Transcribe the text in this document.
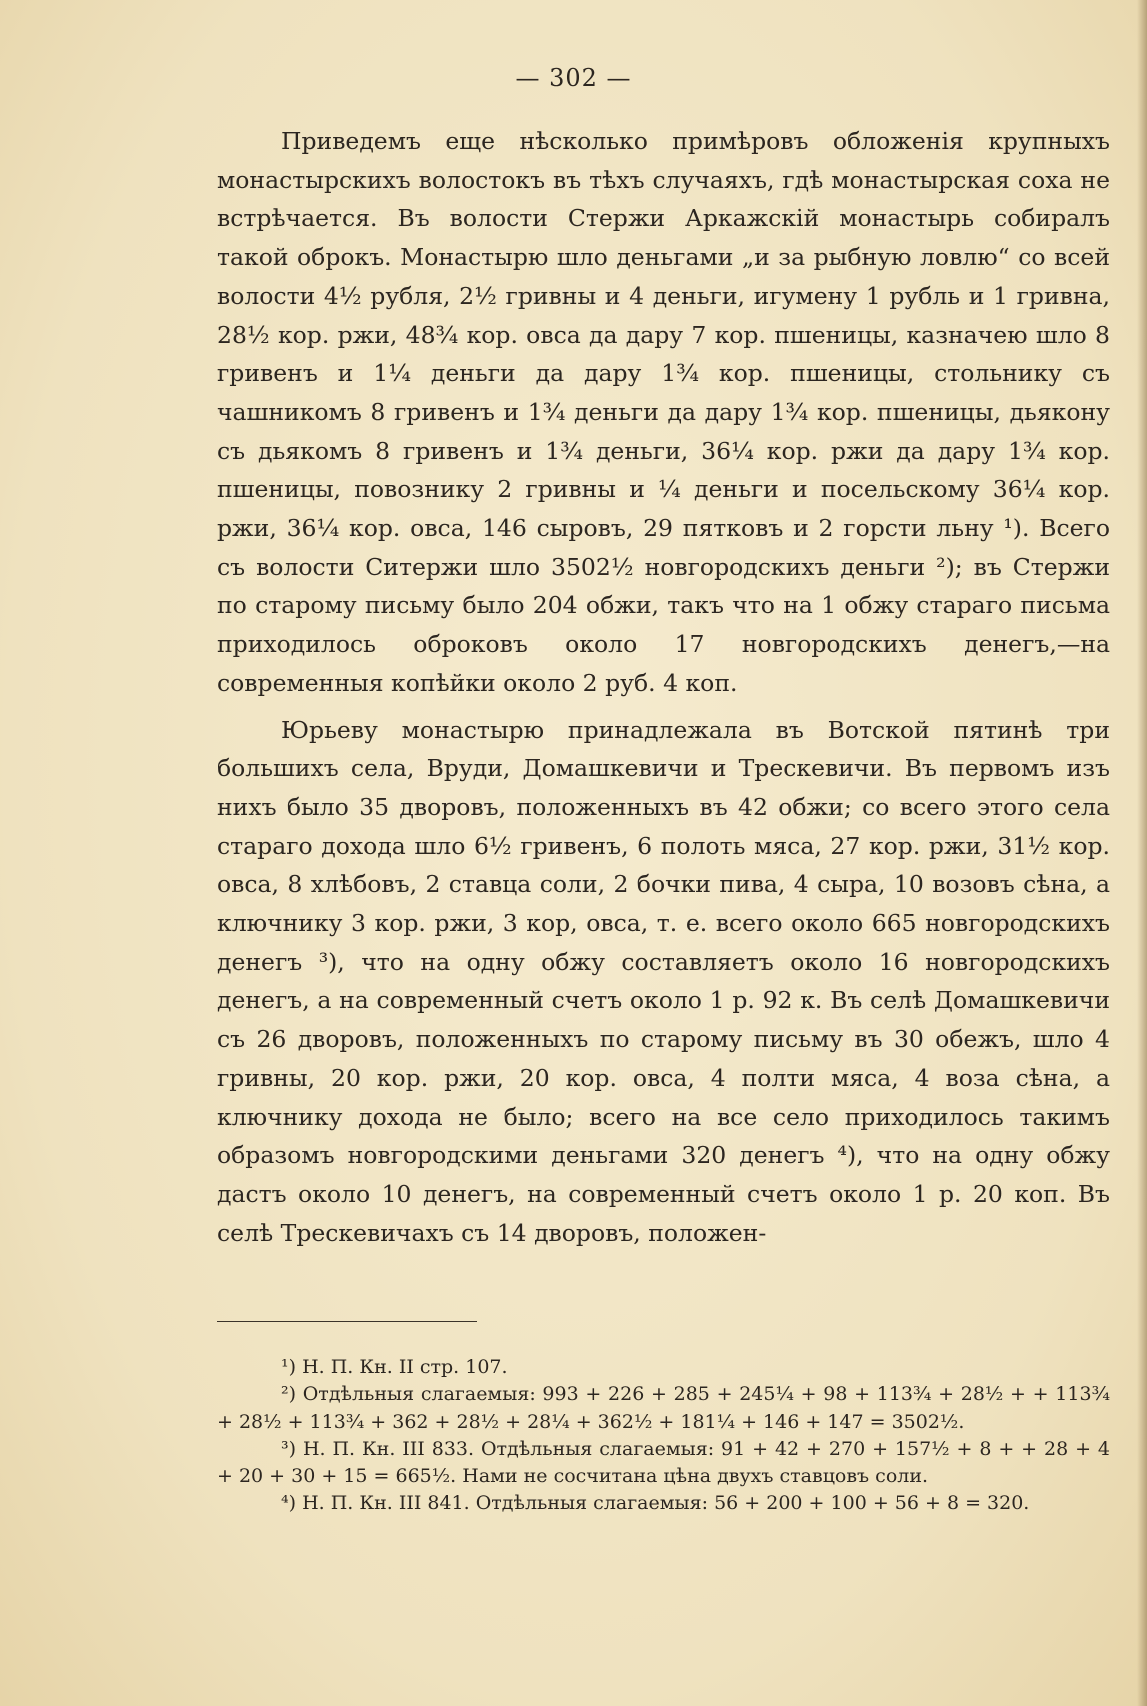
— 302 —

Приведемъ еще нѣсколько примѣровъ обложенія крупныхъ монастырскихъ волостокъ въ тѣхъ случаяхъ, гдѣ монастырская соха не встрѣчается. Въ волости Стержи Аркажскій монастырь собиралъ такой оброкъ. Монастырю шло деньгами „и за рыбную ловлю“ со всей волости 4½ рубля, 2½ гривны и 4 деньги, игумену 1 рубль и 1 гривна, 28½ кор. ржи, 48¾ кор. овса да дару 7 кор. пшеницы, казначею шло 8 гривенъ и 1¼ деньги да дару 1¾ кор. пшеницы, стольнику съ чашникомъ 8 гривенъ и 1¾ деньги да дару 1¾ кор. пшеницы, дьякону съ дьякомъ 8 гривенъ и 1¾ деньги, 36¼ кор. ржи да дару 1¾ кор. пшеницы, повознику 2 гривны и ¼ деньги и посельскому 36¼ кор. ржи, 36¼ кор. овса, 146 сыровъ, 29 пятковъ и 2 горсти льну ¹). Всего съ волости Ситержи шло 3502½ новгородскихъ деньги ²); въ Стержи по старому письму было 204 обжи, такъ что на 1 обжу стараго письма приходилось оброковъ около 17 новгородскихъ денегъ,—на современныя копѣйки около 2 руб. 4 коп.

Юрьеву монастырю принадлежала въ Вотской пятинѣ три большихъ села, Вруди, Домашкевичи и Трескевичи. Въ первомъ изъ нихъ было 35 дворовъ, положенныхъ въ 42 обжи; со всего этого села стараго дохода шло 6½ гривенъ, 6 полоть мяса, 27 кор. ржи, 31½ кор. овса, 8 хлѣбовъ, 2 ставца соли, 2 бочки пива, 4 сыра, 10 возовъ сѣна, а ключнику 3 кор. ржи, 3 кор, овса, т. е. всего около 665 новгородскихъ денегъ ³), что на одну обжу составляетъ около 16 новгородскихъ денегъ, а на современный счетъ около 1 р. 92 к. Въ селѣ Домашкевичи съ 26 дворовъ, положенныхъ по старому письму въ 30 обежъ, шло 4 гривны, 20 кор. ржи, 20 кор. овса, 4 полти мяса, 4 воза сѣна, а ключнику дохода не было; всего на все село приходилось такимъ образомъ новгородскими деньгами 320 денегъ ⁴), что на одну обжу дастъ около 10 денегъ, на современный счетъ около 1 р. 20 коп. Въ селѣ Трескевичахъ съ 14 дворовъ, положен-

¹) Н. П. Кн. II стр. 107.

²) Отдѣльныя слагаемыя: 993 + 226 + 285 + 245¼ + 98 + 113¾ + 28½ + + 113¾ + 28½ + 113¾ + 362 + 28½ + 28¼ + 362½ + 181¼ + 146 + 147 = 3502½.

³) Н. П. Кн. III 833. Отдѣльныя слагаемыя: 91 + 42 + 270 + 157½ + 8 + + 28 + 4 + 20 + 30 + 15 = 665½. Нами не сосчитана цѣна двухъ ставцовъ соли.

⁴) Н. П. Кн. III 841. Отдѣльныя слагаемыя: 56 + 200 + 100 + 56 + 8 = 320.
